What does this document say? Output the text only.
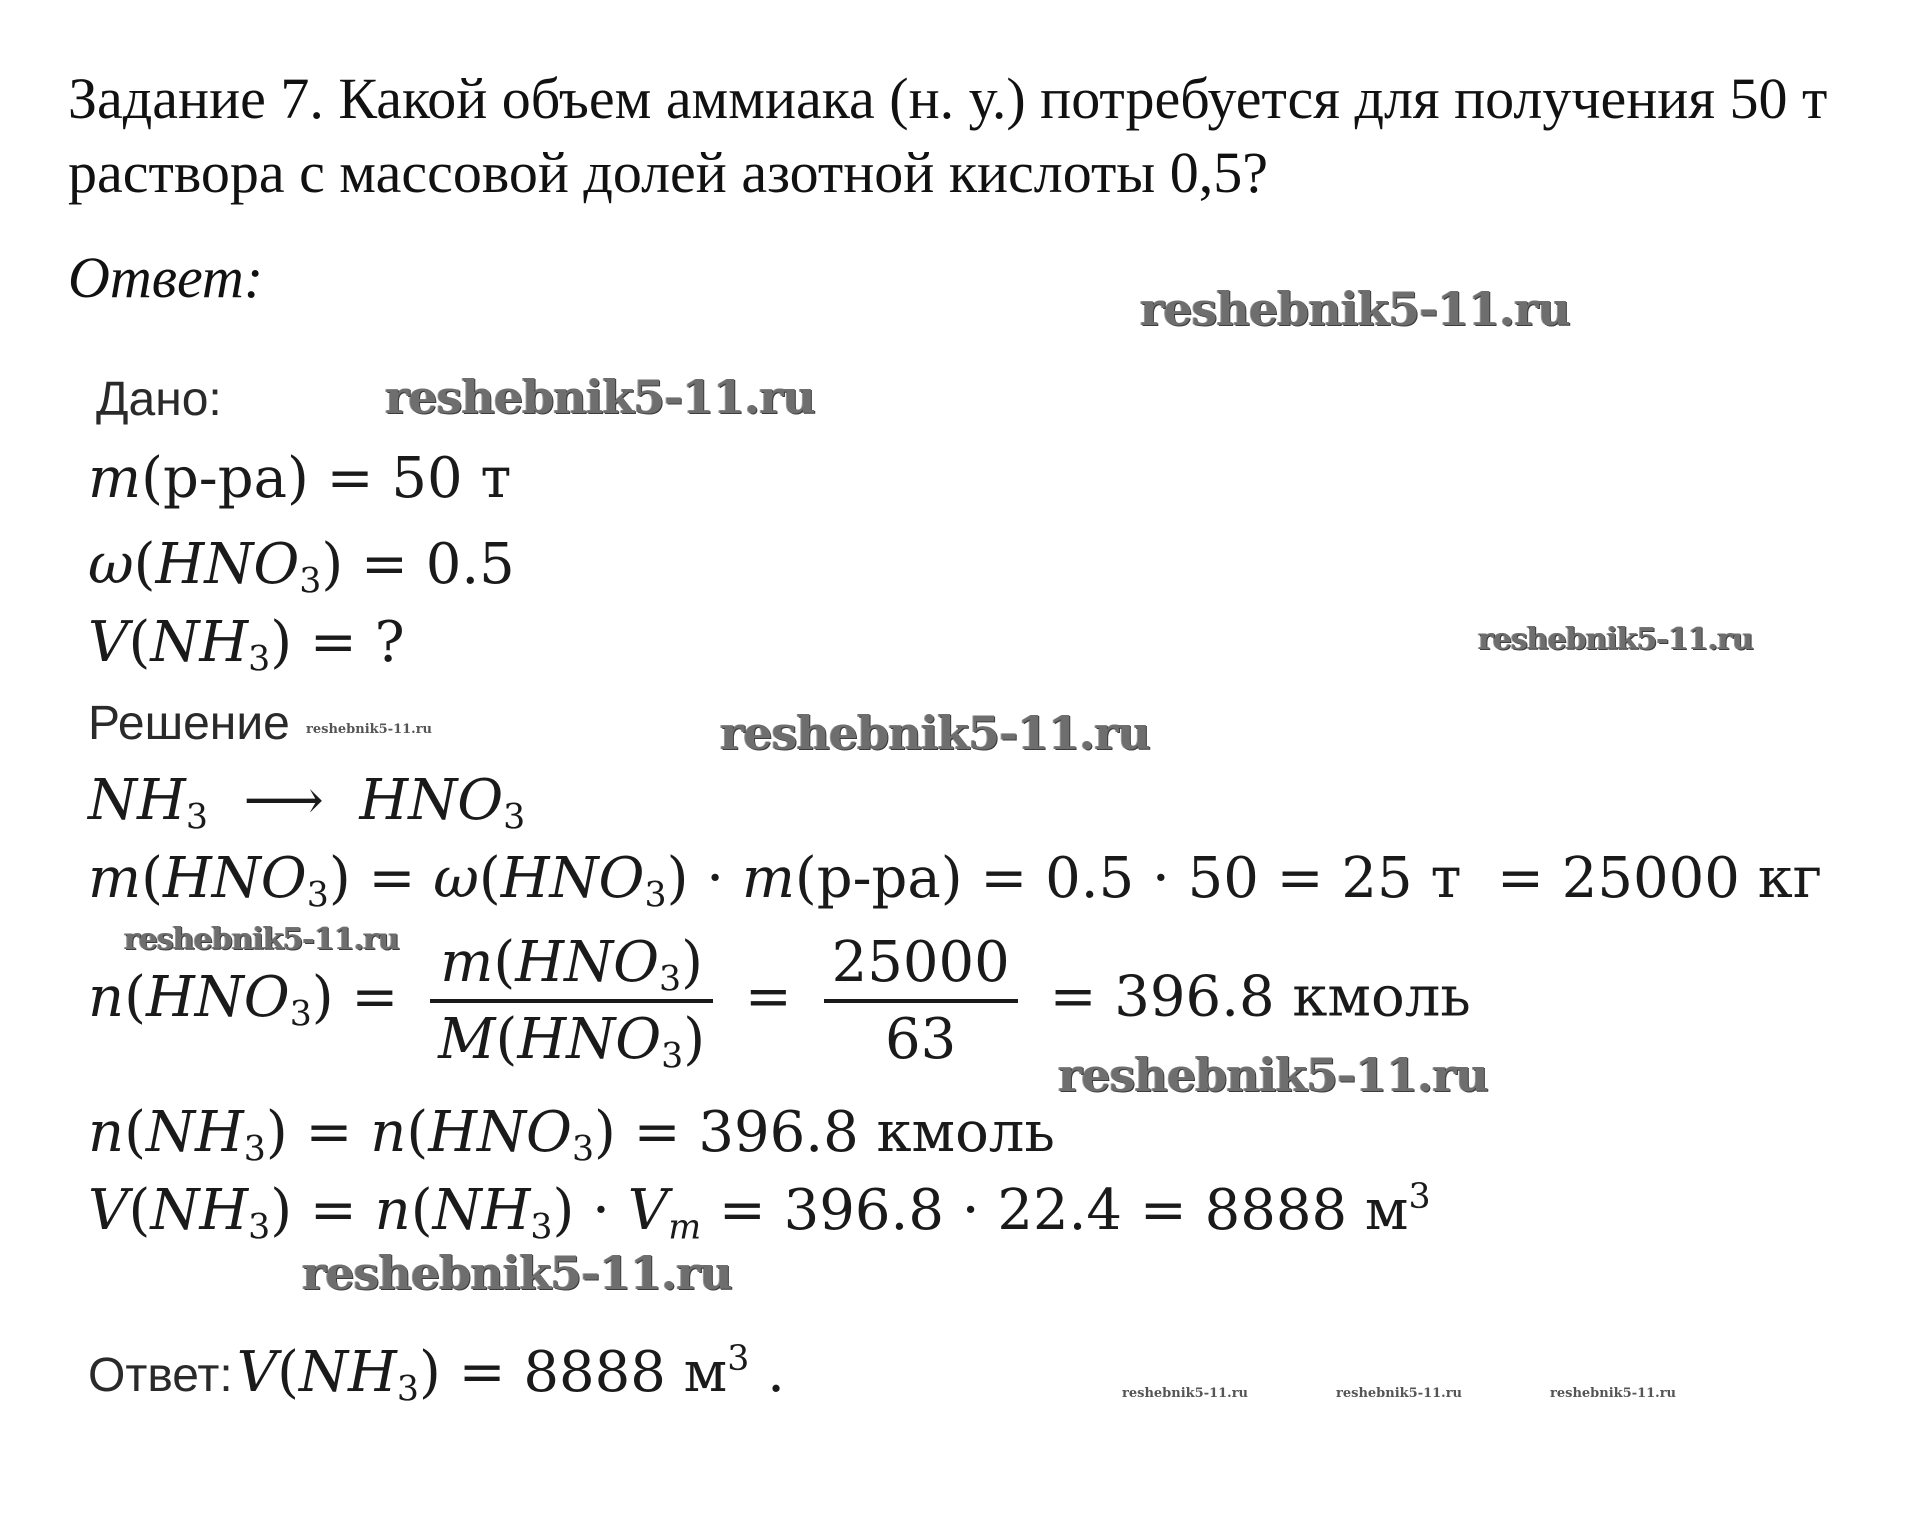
Задание 7. Какой объем аммиака (н. у.) потребуется для получения 50 т раствора с массовой долей азотной кислоты 0,5?
Ответ:
Дано:
m(р-ра) = 50 т
$\omega(HNO_3) = 0.5$
$V(NH_3)$ = ?
Решение
$NH_3$  ⟶  $HNO_3$
$m(HNO_3) = \omega(HNO_3) \cdot m(р-ра) = 0.5 \cdot 50 = 25$ т  = 25000 кг
$n(HNO_3) = \frac{m(HNO_3)}{M(HNO_3)} = \frac{25000}{63} = 396.8$ кмоль
$n(NH_3) = n(HNO_3) = 396.8$ кмоль
$V(NH_3) = n(NH_3) \cdot V_m = 396.8 \cdot 22.4 = 8888$ $м^3$
Ответ: $V(NH_3) = 8888$ $м^3$ .
reshebnik5-11.ru
reshebnik5-11.ru
reshebnik5-11.ru
reshebnik5-11.ru	reshebnik5-11.ru
reshebnik5-11.ru
reshebnik5-11.ru
reshebnik5-11.ru
reshebnik5-11.ru	reshebnik5-11.ru	reshebnik5-11.ru
